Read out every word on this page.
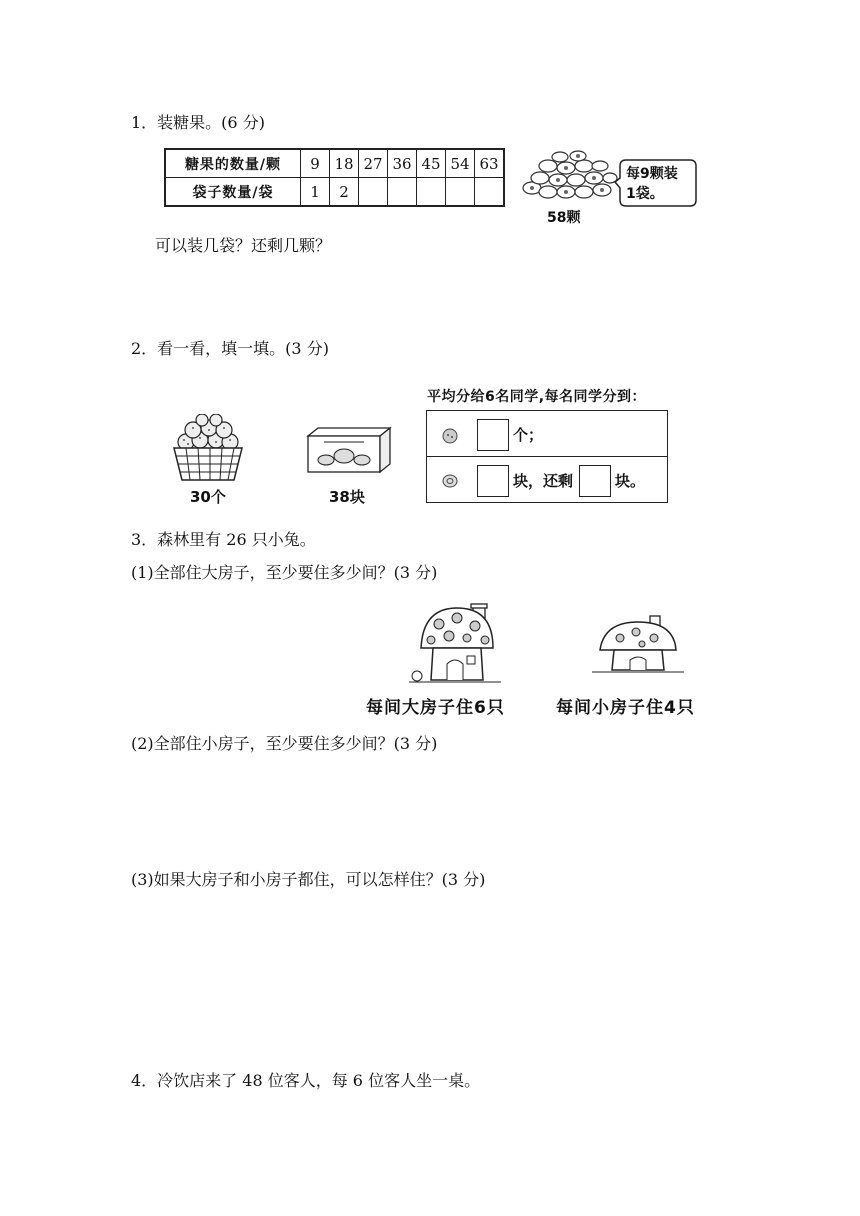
1．装糖果。(6 分)
糖果的数量/颗	9	18	27	36	45	54	63
袋子数量/袋	1	2					
58颗
每9颗装
1袋。
可以装几袋？还剩几颗？
2．看一看，填一填。(3 分)
30个	38块
平均分给6名同学,每名同学分到：
个；
块，还剩	块。
3．森林里有 26 只小兔。
(1)全部住大房子，至少要住多少间？(3 分)
每间大房子住6只	每间小房子住4只
(2)全部住小房子，至少要住多少间？(3 分)
(3)如果大房子和小房子都住，可以怎样住？(3 分)
4．冷饮店来了 48 位客人，每 6 位客人坐一桌。
